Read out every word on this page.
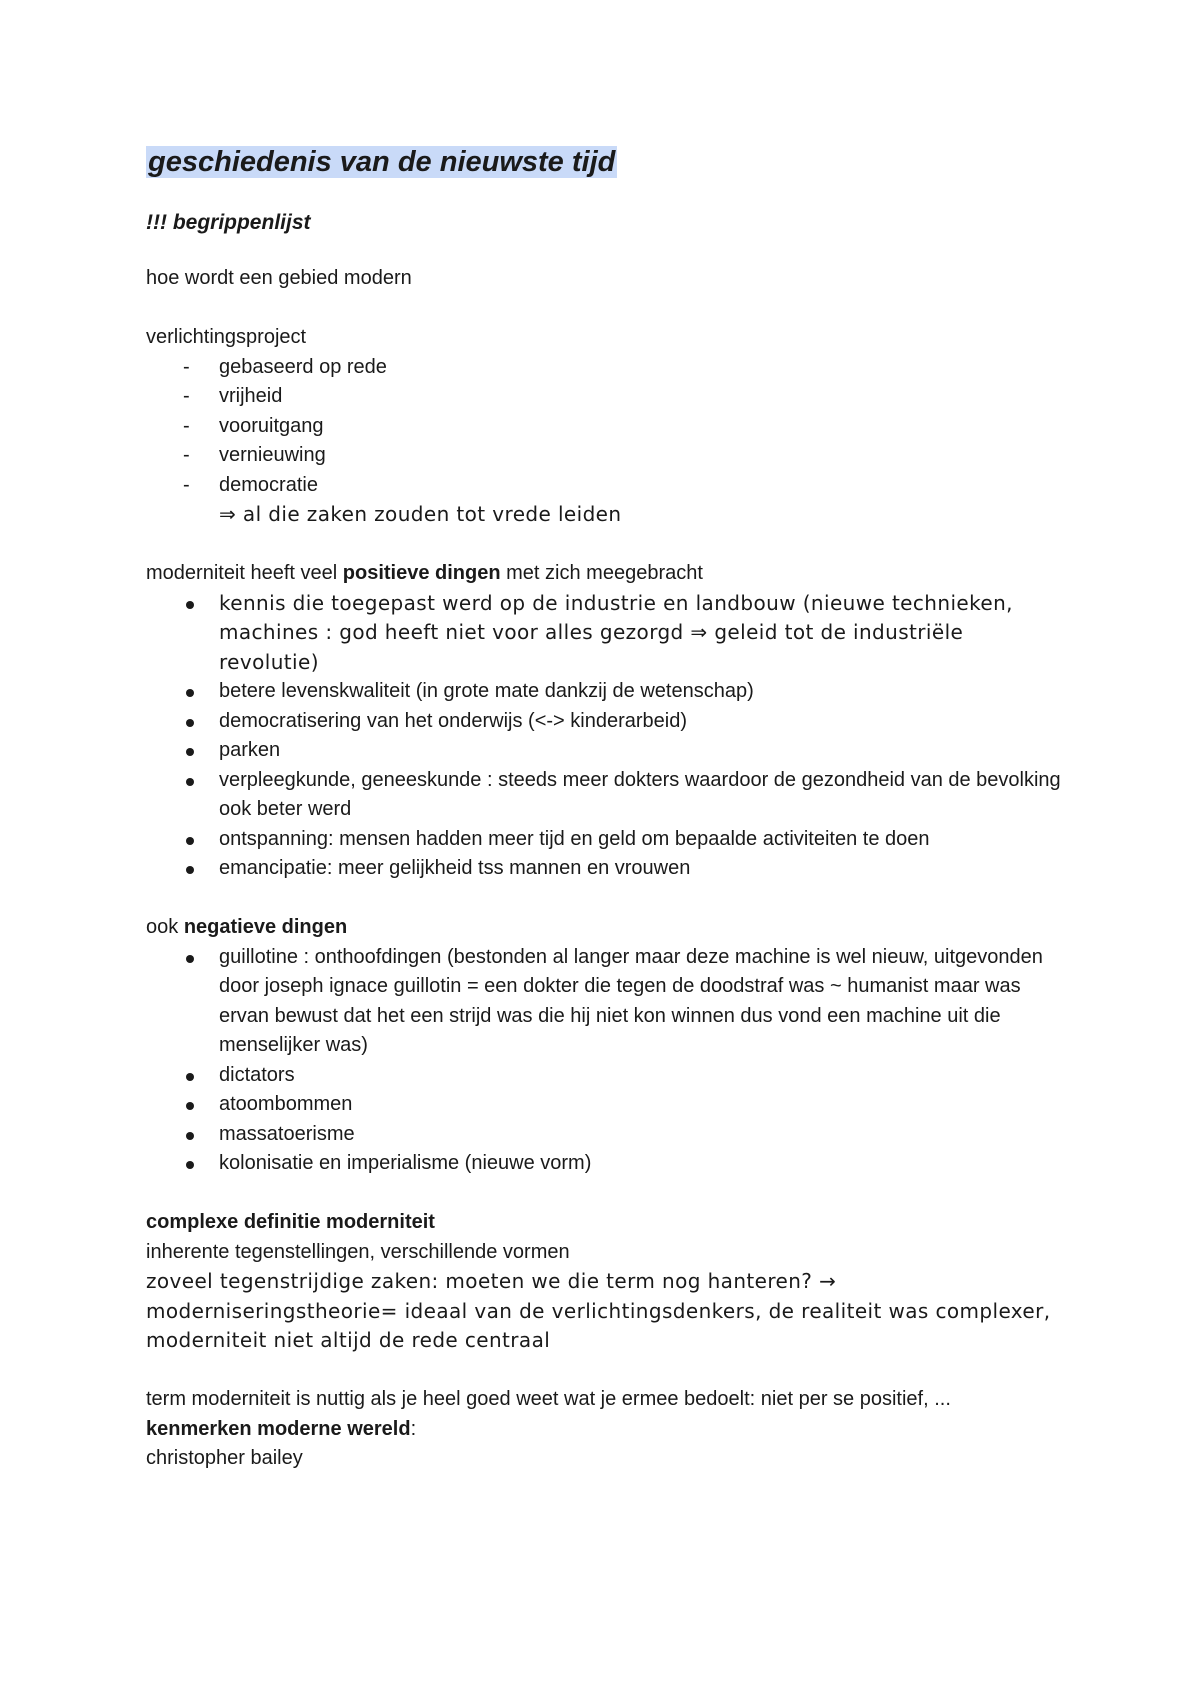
geschiedenis van de nieuwste tijd
!!! begrippenlijst

hoe wordt een gebied modern

verlichtingsproject

- gebaseerd op rede
- vrijheid
- vooruitgang
- vernieuwing
- democratie

⇒ al die zaken zouden tot vrede leiden

moderniteit heeft veel positieve dingen met zich meegebracht

kennis die toegepast werd op de industrie en landbouw (nieuwe technieken, machines : god heeft niet voor alles gezorgd ⇒ geleid tot de industriële revolutie)
betere levenskwaliteit (in grote mate dankzij de wetenschap)
democratisering van het onderwijs (<-> kinderarbeid)
parken
verpleegkunde, geneeskunde : steeds meer dokters waardoor de gezondheid van de bevolking ook beter werd
ontspanning: mensen hadden meer tijd en geld om bepaalde activiteiten te doen
emancipatie: meer gelijkheid tss mannen en vrouwen

ook negatieve dingen

guillotine : onthoofdingen (bestonden al langer maar deze machine is wel nieuw, uitgevonden door joseph ignace guillotin = een dokter die tegen de doodstraf was ~ humanist maar was ervan bewust dat het een strijd was die hij niet kon winnen dus vond een machine uit die menselijker was)
dictators
atoombommen
massatoerisme
kolonisatie en imperialisme (nieuwe vorm)

complexe definitie moderniteit

inherente tegenstellingen, verschillende vormen

zoveel tegenstrijdige zaken: moeten we die term nog hanteren? → moderniseringstheorie= ideaal van de verlichtingsdenkers, de realiteit was complexer, moderniteit niet altijd de rede centraal

term moderniteit is nuttig als je heel goed weet wat je ermee bedoelt: niet per se positief, ...

kenmerken moderne wereld:

christopher bailey
